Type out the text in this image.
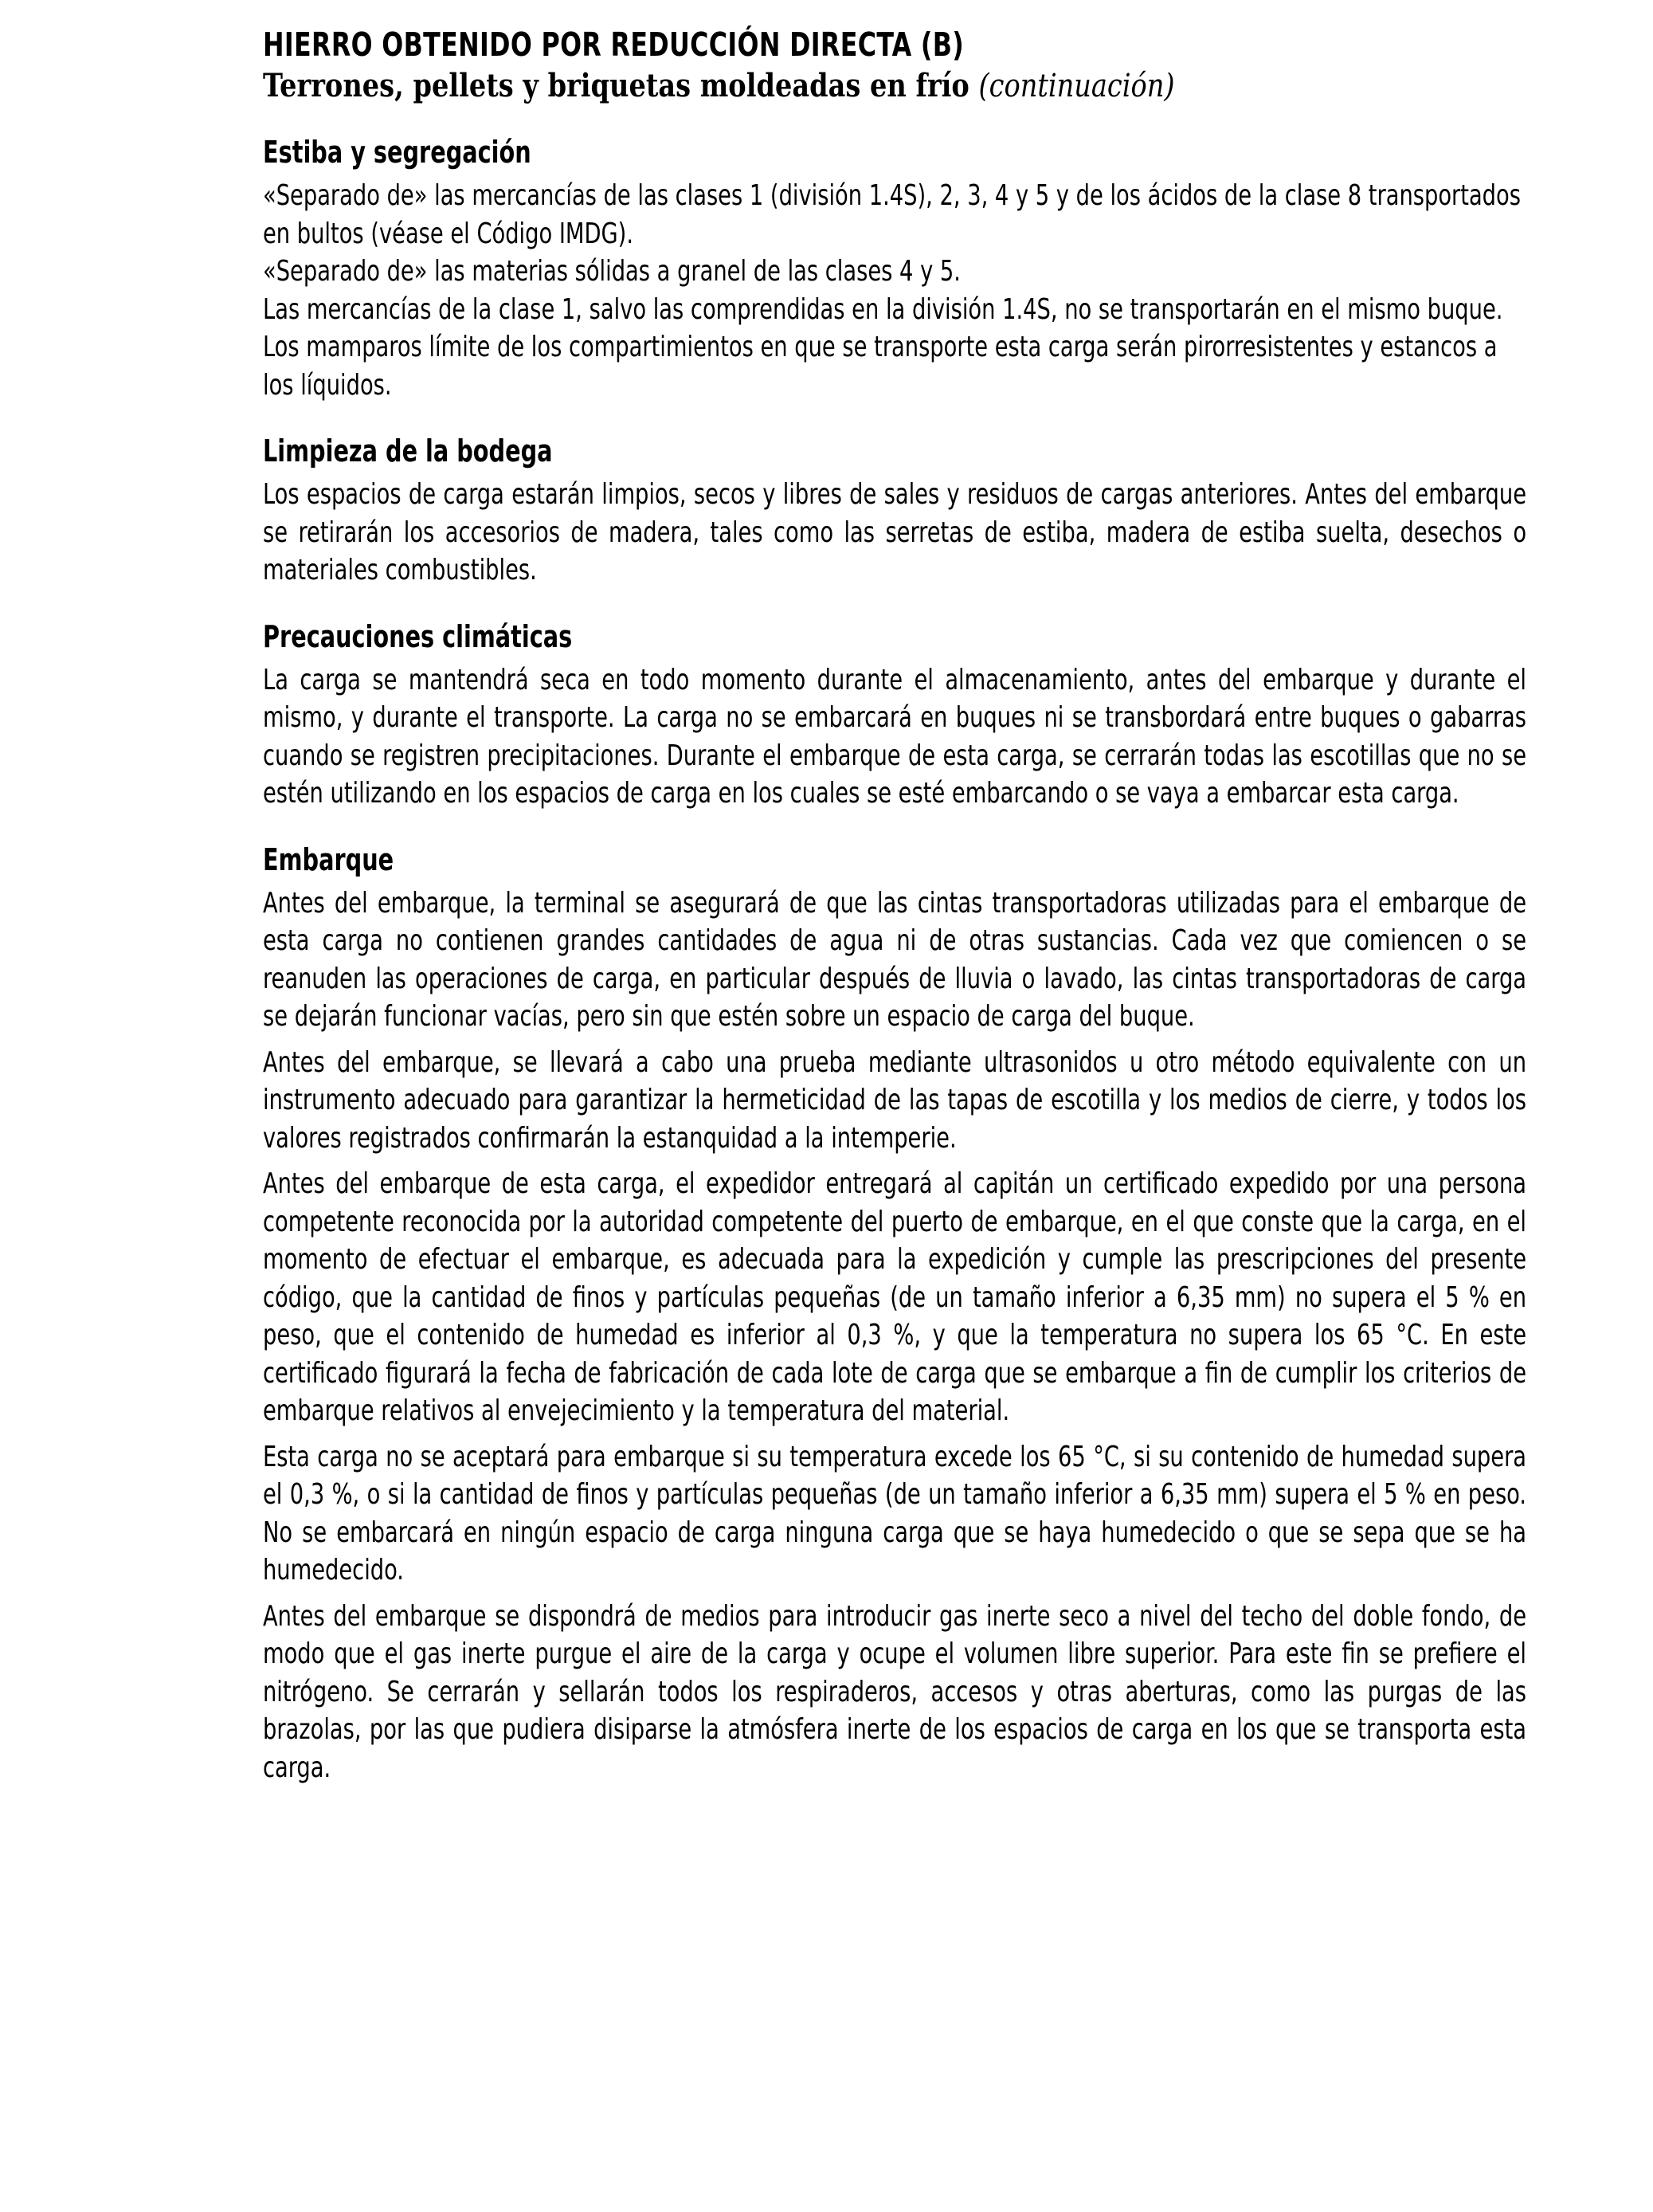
HIERRO OBTENIDO POR REDUCCIÓN DIRECTA (B)
Terrones, pellets y briquetas moldeadas en frío (continuación)
Estiba y segregación

«Separado de» las mercancías de las clases 1 (división 1.4S), 2, 3, 4 y 5 y de los ácidos de la clase 8 transportados en bultos (véase el Código IMDG).

«Separado de» las materias sólidas a granel de las clases 4 y 5.

Las mercancías de la clase 1, salvo las comprendidas en la división 1.4S, no se transportarán en el mismo buque.

Los mamparos límite de los compartimientos en que se transporte esta carga serán pirorresistentes y estancos a los líquidos.

Limpieza de la bodega

Los espacios de carga estarán limpios, secos y libres de sales y residuos de cargas anteriores. Antes del embarque se retirarán los accesorios de madera, tales como las serretas de estiba, madera de estiba suelta, desechos o materiales combustibles.

Precauciones climáticas

La carga se mantendrá seca en todo momento durante el almacenamiento, antes del embarque y durante el mismo, y durante el transporte. La carga no se embarcará en buques ni se transbordará entre buques o gabarras cuando se registren precipitaciones. Durante el embarque de esta carga, se cerrarán todas las escotillas que no se estén utilizando en los espacios de carga en los cuales se esté embarcando o se vaya a embarcar esta carga.

Embarque

Antes del embarque, la terminal se asegurará de que las cintas transportadoras utilizadas para el embarque de esta carga no contienen grandes cantidades de agua ni de otras sustancias. Cada vez que comiencen o se reanuden las operaciones de carga, en particular después de lluvia o lavado, las cintas transportadoras de carga se dejarán funcionar vacías, pero sin que estén sobre un espacio de carga del buque.

Antes del embarque, se llevará a cabo una prueba mediante ultrasonidos u otro método equivalente con un instrumento adecuado para garantizar la hermeticidad de las tapas de escotilla y los medios de cierre, y todos los valores registrados confirmarán la estanquidad a la intemperie.

Antes del embarque de esta carga, el expedidor entregará al capitán un certificado expedido por una persona competente reconocida por la autoridad competente del puerto de embarque, en el que conste que la carga, en el momento de efectuar el embarque, es adecuada para la expedición y cumple las prescripciones del presente código, que la cantidad de finos y partículas pequeñas (de un tamaño inferior a 6,35 mm) no supera el 5 % en peso, que el contenido de humedad es inferior al 0,3 %, y que la temperatura no supera los 65 °C. En este certificado figurará la fecha de fabricación de cada lote de carga que se embarque a fin de cumplir los criterios de embarque relativos al envejecimiento y la temperatura del material.

Esta carga no se aceptará para embarque si su temperatura excede los 65 °C, si su contenido de humedad supera el 0,3 %, o si la cantidad de finos y partículas pequeñas (de un tamaño inferior a 6,35 mm) supera el 5 % en peso. No se embarcará en ningún espacio de carga ninguna carga que se haya humedecido o que se sepa que se ha humedecido.

Antes del embarque se dispondrá de medios para introducir gas inerte seco a nivel del techo del doble fondo, de modo que el gas inerte purgue el aire de la carga y ocupe el volumen libre superior. Para este fin se prefiere el nitrógeno. Se cerrarán y sellarán todos los respiraderos, accesos y otras aberturas, como las purgas de las brazolas, por las que pudiera disiparse la atmósfera inerte de los espacios de carga en los que se transporta esta carga.
